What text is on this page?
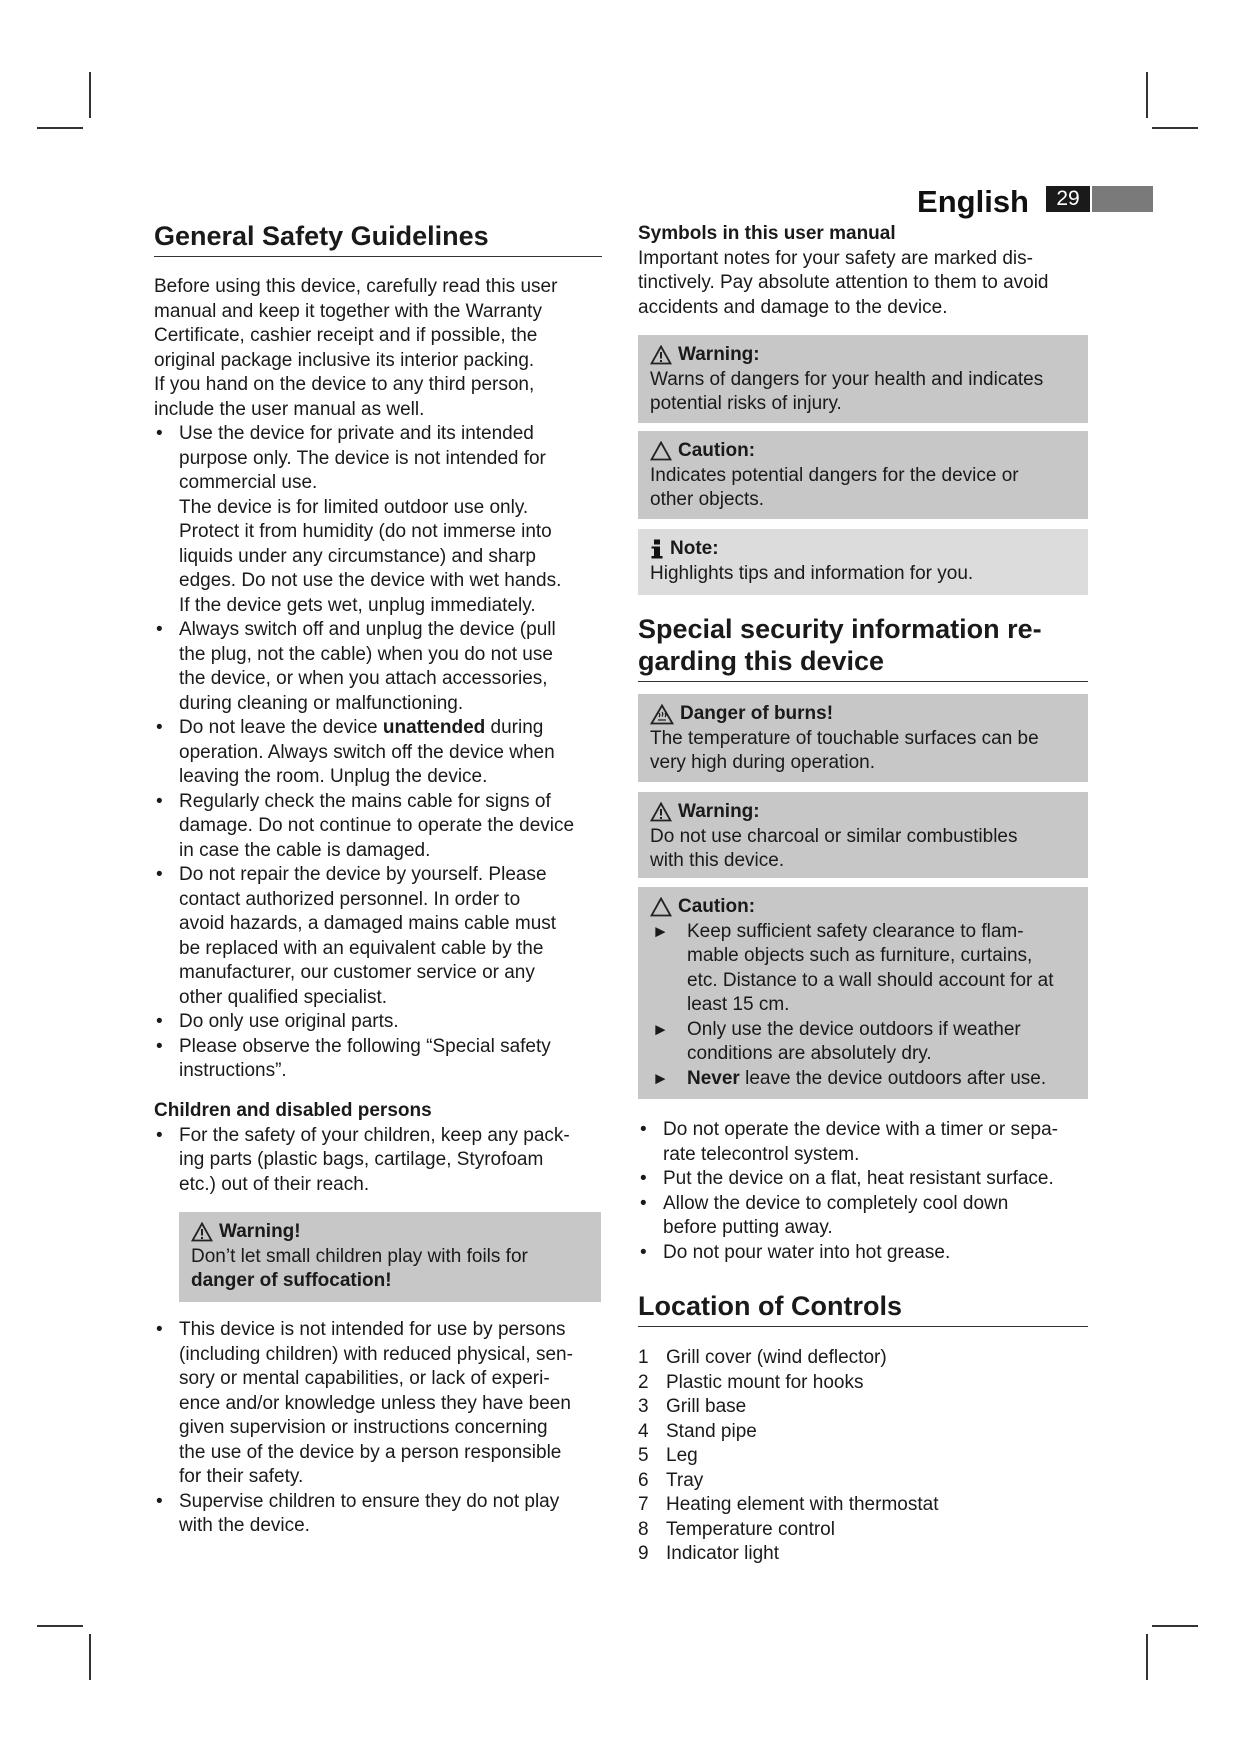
English	29
General Safety Guidelines
Before using this device, carefully read this user
manual and keep it together with the Warranty
Certificate, cashier receipt and if possible, the
original package inclusive its interior packing.
If you hand on the device to any third person,
include the user manual as well.
• Use the device for private and its intended
purpose only. The device is not intended for
commercial use.
The device is for limited outdoor use only.
Protect it from humidity (do not immerse into
liquids under any circumstance) and sharp
edges. Do not use the device with wet hands.
If the device gets wet, unplug immediately.
• Always switch off and unplug the device (pull
the plug, not the cable) when you do not use
the device, or when you attach accessories,
during cleaning or malfunctioning.
• Do not leave the device unattended during
operation. Always switch off the device when
leaving the room. Unplug the device.
• Regularly check the mains cable for signs of
damage. Do not continue to operate the device
in case the cable is damaged.
• Do not repair the device by yourself. Please
contact authorized personnel. In order to
avoid hazards, a damaged mains cable must
be replaced with an equivalent cable by the
manufacturer, our customer service or any
other qualified specialist.
• Do only use original parts.
• Please observe the following “Special safety
instructions”.
Children and disabled persons
• For the safety of your children, keep any pack-
ing parts (plastic bags, cartilage, Styrofoam
etc.) out of their reach.
Warning!

Don’t let small children play with foils for

danger of suffocation!

• This device is not intended for use by persons
(including children) with reduced physical, sen-
sory or mental capabilities, or lack of experi-
ence and/or knowledge unless they have been
given supervision or instructions concerning
the use of the device by a person responsible
for their safety.
• Supervise children to ensure they do not play
with the device.
Symbols in this user manual
Important notes for your safety are marked dis-
tinctively. Pay absolute attention to them to avoid
accidents and damage to the device.
Warning:

Warns of dangers for your health and indicates

potential risks of injury.

Caution:

Indicates potential dangers for the device or

other objects.

Note:

Highlights tips and information for you.

Special security information re-
garding this device
Danger of burns!

The temperature of touchable surfaces can be

very high during operation.

Warning:

Do not use charcoal or similar combustibles

with this device.

Caution:
► Keep sufficient safety clearance to flam-
mable objects such as furniture, curtains,
etc. Distance to a wall should account for at
least 15 cm.
► Only use the device outdoors if weather
conditions are absolutely dry.
► Never leave the device outdoors after use.
• Do not operate the device with a timer or sepa-
rate telecontrol system.
• Put the device on a flat, heat resistant surface.
• Allow the device to completely cool down
before putting away.
• Do not pour water into hot grease.
Location of Controls
1 Grill cover (wind deflector)
2 Plastic mount for hooks
3 Grill base
4 Stand pipe
5 Leg
6 Tray
7 Heating element with thermostat
8 Temperature control
9 Indicator light
